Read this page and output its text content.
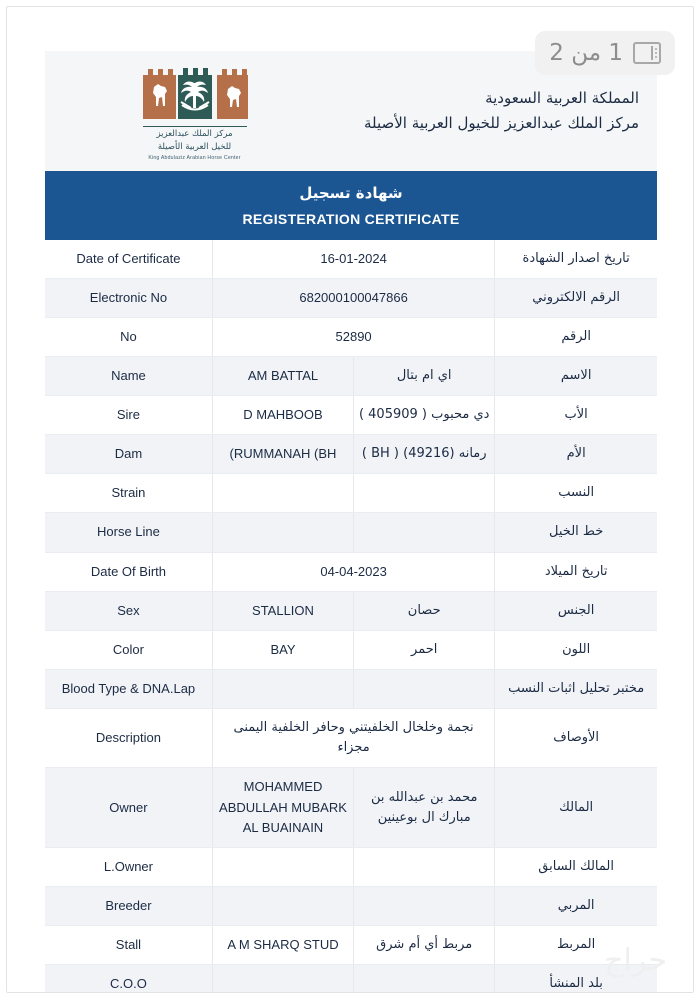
1 من 2
مركز الملك عبدالعزيز
للخيل العربية الأصيلة
King Abdulaziz Arabian Horse Center
المملكة العربية السعودية
مركز الملك عبدالعزيز للخيول العربية الأصيلة
شهادة تسجيل
REGISTERATION CERTIFICATE
Date of Certificate	16-01-2024		تاريخ اصدار الشهادة
Electronic No	682000100047866		الرقم الالكتروني
No	52890		الرقم
Name	AM BATTAL	اي ام بتال	الاسم
Sire	D MAHBOOB	دي محبوب ( 405909 )	الأب
Dam	(RUMMANAH (BH	رمانه (49216) ( BH )	الأم
Strain			النسب
Horse Line			خط الخيل
Date Of Birth	04-04-2023		تاريخ الميلاد
Sex	STALLION	حصان	الجنس
Color	BAY	احمر	اللون
Blood Type & DNA.Lap			مختبر تحليل اثبات النسب
Description	نجمة وخلخال الخلفيتني وحافر الخلفية اليمنى مجزاء		الأوصاف
Owner	MOHAMMED ABDULLAH MUBARK AL BUAINAIN	محمد بن عبدالله بن مبارك ال بوعينين	المالك
L.Owner			المالك السابق
Breeder			المربي
Stall	A M SHARQ STUD	مربط أي أم شرق	المربط
C.O.O			بلد المنشأ
حراج
